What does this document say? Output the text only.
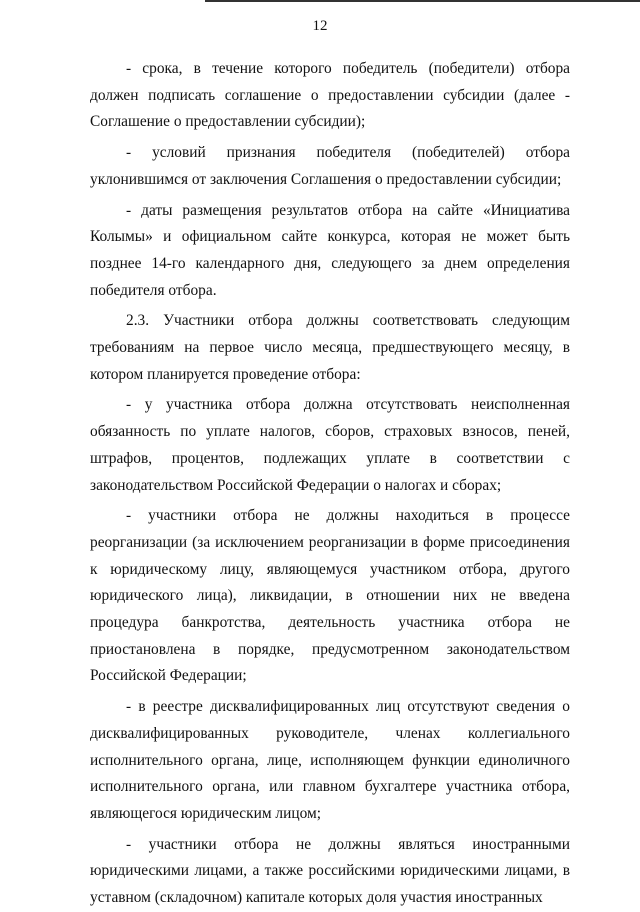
12

- срока, в течение которого победитель (победители) отбора должен подписать соглашение о предоставлении субсидии (далее - Соглашение о предоставлении субсидии);

- условий признания победителя (победителей) отбора уклонившимся от заключения Соглашения о предоставлении субсидии;

- даты размещения результатов отбора на сайте «Инициатива Колымы» и официальном сайте конкурса, которая не может быть позднее 14-го календарного дня, следующего за днем определения победителя отбора.

2.3. Участники отбора должны соответствовать следующим требованиям на первое число месяца, предшествующего месяцу, в котором планируется проведение отбора:

- у участника отбора должна отсутствовать неисполненная обязанность по уплате налогов, сборов, страховых взносов, пеней, штрафов, процентов, подлежащих уплате в соответствии с законодательством Российской Федерации о налогах и сборах;

- участники отбора не должны находиться в процессе реорганизации (за исключением реорганизации в форме присоединения к юридическому лицу, являющемуся участником отбора, другого юридического лица), ликвидации, в отношении них не введена процедура банкротства, деятельность участника отбора не приостановлена в порядке, предусмотренном законодательством Российской Федерации;

- в реестре дисквалифицированных лиц отсутствуют сведения о дисквалифицированных руководителе, членах коллегиального исполнительного органа, лице, исполняющем функции единоличного исполнительного органа, или главном бухгалтере участника отбора, являющегося юридическим лицом;

- участники отбора не должны являться иностранными юридическими лицами, а также российскими юридическими лицами, в уставном (складочном) капитале которых доля участия иностранных
